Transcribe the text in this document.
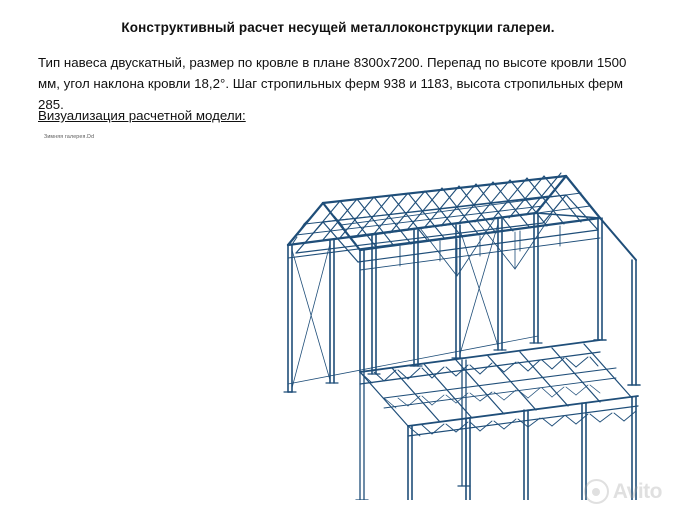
Конструктивный расчет несущей металлоконструкции галереи.
Тип навеса двускатный, размер по кровле в плане 8300х7200. Перепад по высоте кровли 1500 мм, угол наклона кровли 18,2°. Шаг стропильных ферм 938 и 1183, высота стропильных ферм 285.
Визуализация расчетной модели:
Зимняя галерея.Dd
Avito
